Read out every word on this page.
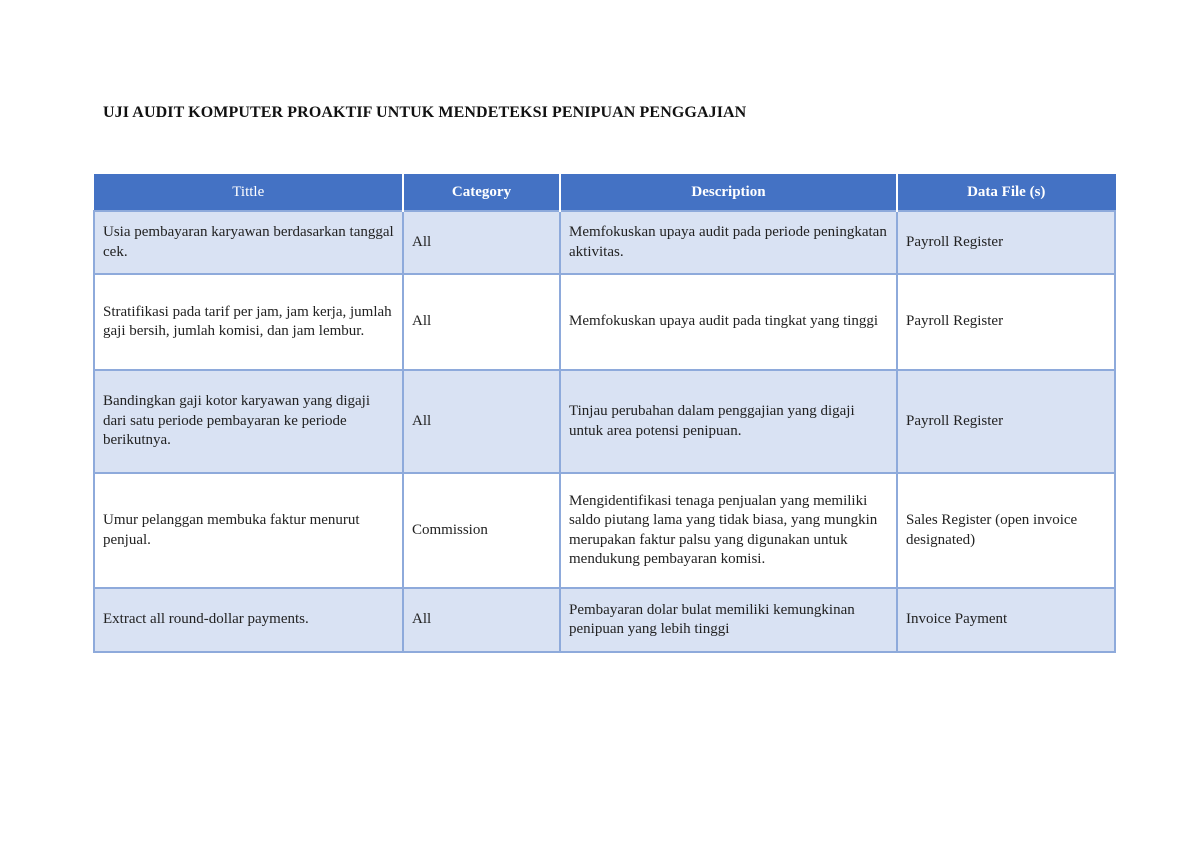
UJI AUDIT KOMPUTER PROAKTIF UNTUK MENDETEKSI PENIPUAN PENGGAJIAN
Tittle	Category	Description	Data File (s)
Usia pembayaran karyawan berdasarkan tanggal cek.	All	Memfokuskan upaya audit pada periode peningkatan aktivitas.	Payroll Register
Stratifikasi pada tarif per jam, jam kerja, jumlah gaji bersih, jumlah komisi, dan jam lembur.	All	Memfokuskan upaya audit pada tingkat yang tinggi	Payroll Register
Bandingkan gaji kotor karyawan yang digaji dari satu periode pembayaran ke periode berikutnya.	All	Tinjau perubahan dalam penggajian yang digaji untuk area potensi penipuan.	Payroll Register
Umur pelanggan membuka faktur menurut penjual.	Commission	Mengidentifikasi tenaga penjualan yang memiliki saldo piutang lama yang tidak biasa, yang mungkin merupakan faktur palsu yang digunakan untuk mendukung pembayaran komisi.	Sales Register (open invoice designated)
Extract all round-dollar payments.	All	Pembayaran dolar bulat memiliki kemungkinan penipuan yang lebih tinggi	Invoice Payment
